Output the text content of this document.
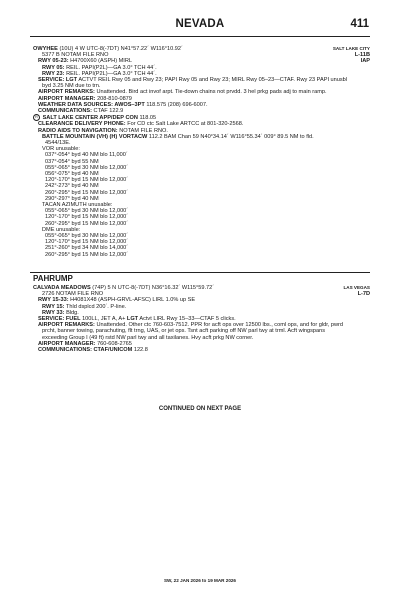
NEVADA	411
OWYHEE (10U) 4 W UTC-8(-7DT) N41°57.22´ W116°10.92´	SALT LAKE CITY
5377 B NOTAM FILE RNO	L-11B
RWY 05-23: H4700X60 (ASPH) MIRL	IAP
RWY 05: REIL. PAPI(P2L)—GA 3.0° TCH 44´.
RWY 23: REIL. PAPI(P2L)—GA 3.0° TCH 44´.
SERVICE: LGT ACTVT REIL Rwy 05 and Rwy 23; PAPI Rwy 05 and Rwy 23; MIRL Rwy 05–23—CTAF. Rwy 23 PAPI unusbl
byd 3.25 NM due to trn.
AIRPORT REMARKS: Unattended. Bird act invof arpt. Tie-down chains not prvdd. 3 hel prkg pads adj to main ramp.
AIRPORT MANAGER: 208-810-0879
WEATHER DATA SOURCES: AWOS–3PT 118.575 (208) 696-6007.
COMMUNICATIONS: CTAF 122.9
R SALT LAKE CENTER APP/DEP CON 118.05
CLEARANCE DELIVERY PHONE: For CD ctc Salt Lake ARTCC at 801-320-2568.
RADIO AIDS TO NAVIGATION: NOTAM FILE RNO.
BATTLE MOUNTAIN (VH) (H) VORTACW 112.2 BAM Chan 59 N40°34.14´ W116°55.34´ 009° 89.5 NM to fld.
4544/13E.
VOR unusable:
037°-054° byd 40 NM blo 11,000´
037°-054° byd 55 NM
055°-065° byd 30 NM blo 12,000´
056°-075° byd 40 NM
120°-170° byd 15 NM blo 12,000´
242°-273° byd 40 NM
260°-295° byd 15 NM blo 12,000´
290°-297° byd 40 NM
TACAN AZIMUTH unusable:
055°-065° byd 30 NM blo 12,000´
120°-170° byd 15 NM blo 12,000´
260°-295° byd 15 NM blo 12,000´
DME unusable:
055°-065° byd 30 NM blo 12,000´
120°-170° byd 15 NM blo 12,000´
251°-260° byd 34 NM blo 14,000´
260°-295° byd 15 NM blo 12,000´
PAHRUMP
CALVADA MEADOWS (74P) 5 N UTC-8(-7DT) N36°16.32´ W115°59.72´	LAS VEGAS
2726 NOTAM FILE RNO	L-7D
RWY 15-33: H4081X48 (ASPH-GRVL-AFSC) LIRL 1.0% up SE
RWY 15: Thld dsplcd 200´. P-line.
RWY 33: Bldg.
SERVICE: FUEL 100LL, JET A, A+ LGT Actvt LIRL Rwy 15–33—CTAF 5 clicks.
AIRPORT REMARKS: Unattended. Other ctc 760-603-7512. PPR for acft ops over 12500 lbs., coml ops, and for gldr, pwrd
prcht, banner towing, parachuting, flt trng, UAS, or jet ops. Tsnt acft parking off NW parl twy at trml. Acft wingspans
exceeding Group I (49 ft) rstd NW parl twy and all taxilanes. Hvy acft prkg NW corner.
AIRPORT MANAGER: 760-608-2765
COMMUNICATIONS: CTAF/UNICOM 122.8
CONTINUED ON NEXT PAGE
SW, 22 JAN 2026 to 19 MAR 2026
